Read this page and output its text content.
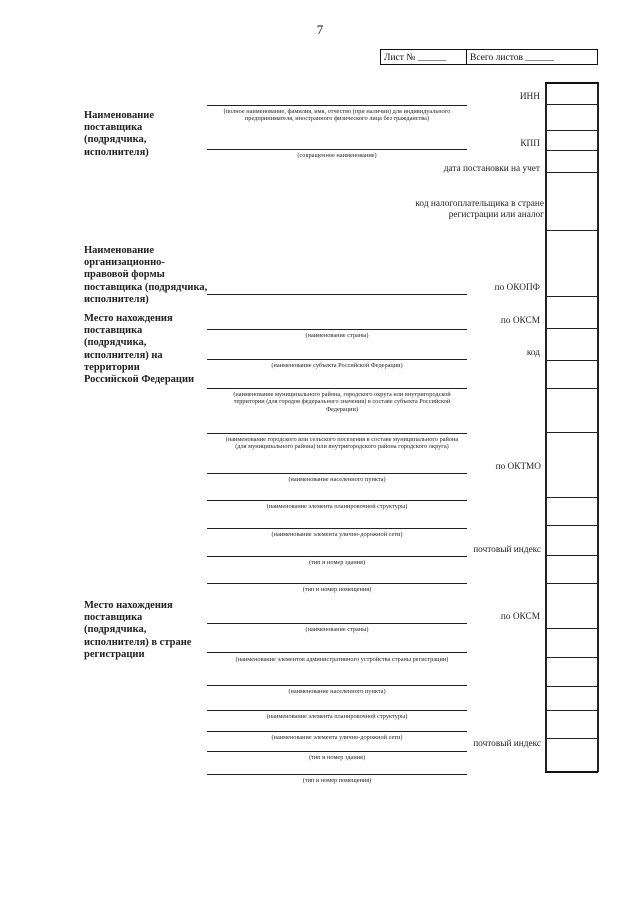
7
Лист № ______	Всего листов ______
ИНН
КПП
дата постановки на учет
код налогоплательщика в стране регистрации или аналог
по ОКОПФ
по ОКСМ
код
по ОКТМО
почтовый индекс
по ОКСМ
почтовый индекс
Наименование поставщика (подрядчика, исполнителя)
Наименование организационно-правовой формы поставщика (подрядчика, исполнителя)
Место нахождения поставщика (подрядчика, исполнителя) на территории Российской Федерации
Место нахождения поставщика (подрядчика, исполнителя) в стране регистрации
(полное наименование, фамилия, имя, отчество (при наличии) для индивидуального предпринимателя, иностранного физического лица без гражданства)
(сокращенное наименование)
(наименование страны)
(наименование субъекта Российской Федерации)
(наименование муниципального района, городского округа или внутригородской территории (для городов федерального значения) в составе субъекта Российской Федерации)
(наименование городского или сельского поселения в составе муниципального района (для муниципального района) или внутригородского района городского округа)
(наименование населенного пункта)
(наименование элемента планировочной структуры)
(наименование элемента улично-дорожной сети)
(тип и номер здания)
(тип и номер помещения)
(наименование страны)
(наименование элементов административного устройства страны регистрации)
(наименование населенного пункта)
(наименование элемента планировочной структуры)
(наименование элемента улично-дорожной сети)
(тип и номер здания)
(тип и номер помещения)
